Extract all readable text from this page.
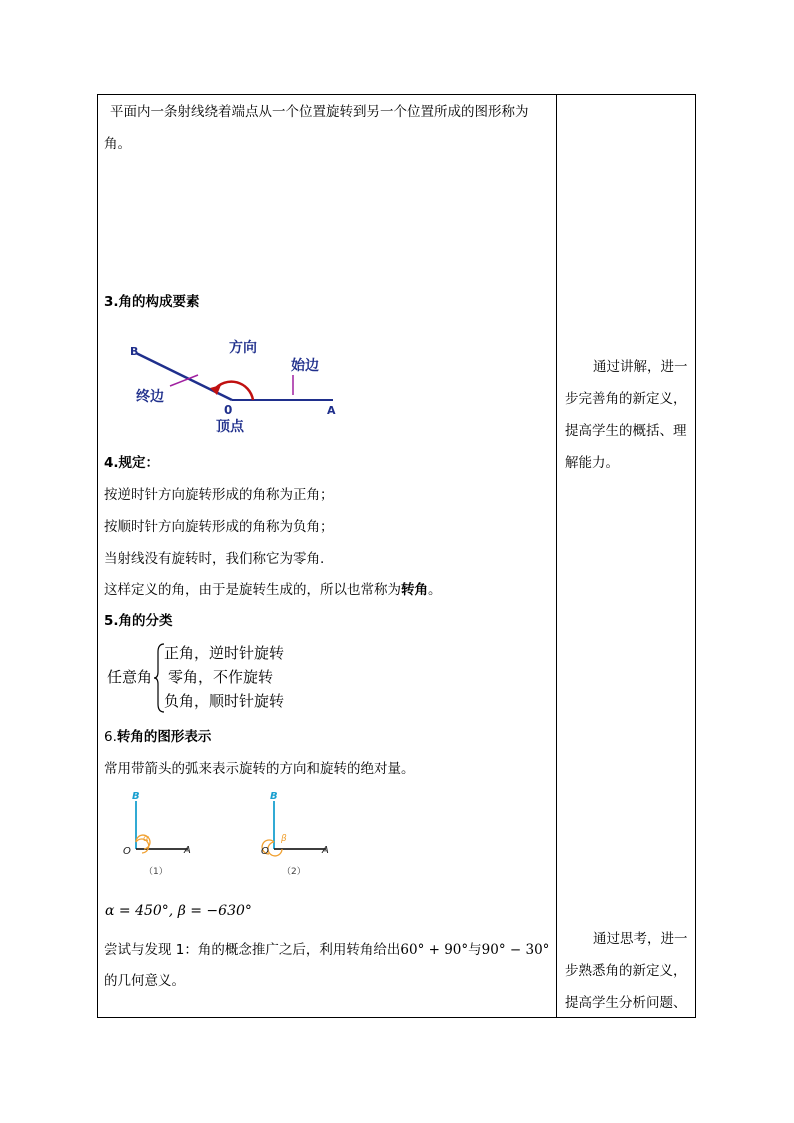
平面内一条射线绕着端点从一个位置旋转到另一个位置所成的图形称为
角。
3.角的构成要素
B	方向
始边
终边
0	A
顶点
4.规定：
按逆时针方向旋转形成的角称为正角；
按顺时针方向旋转形成的角称为负角；
当射线没有旋转时，我们称它为零角.
这样定义的角，由于是旋转生成的，所以也常称为转角。
5.角的分类
任意角
正角，逆时针旋转
零角，不作旋转
负角，顺时针旋转
6.转角的图形表示
常用带箭头的弧来表示旋转的方向和旋转的绝对量。
B
O	A
α
（1）
B
O	A
β
（2）
α = 450°, β = −630°
尝试与发现 1：角的概念推广之后，利用转角给出60° + 90°与90° − 30°
的几何意义。
通过讲解，进一步完善角的新定义，提高学生的概括、理解能力。
通过思考，进一步熟悉角的新定义，提高学生分析问题、
